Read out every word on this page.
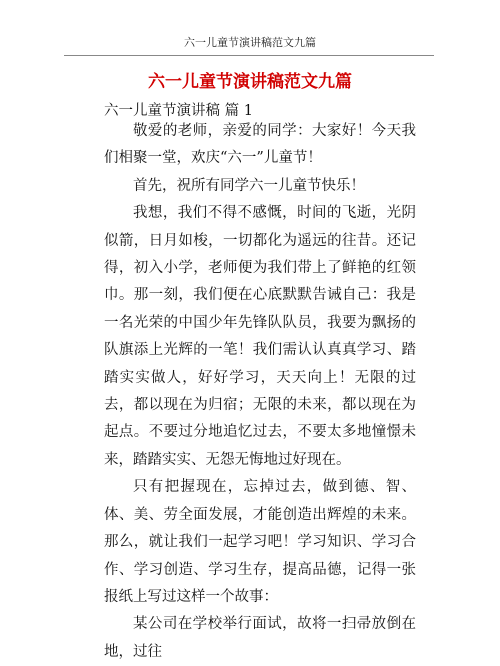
六一儿童节演讲稿范文九篇
六一儿童节演讲稿范文九篇
六一儿童节演讲稿 篇 1

敬爱的老师，亲爱的同学：大家好！今天我们相聚一堂，欢庆“六一”儿童节！

首先，祝所有同学六一儿童节快乐！

我想，我们不得不感慨，时间的飞逝，光阴似箭，日月如梭，一切都化为遥远的往昔。还记得，初入小学，老师便为我们带上了鲜艳的红领巾。那一刻，我们便在心底默默告诫自己：我是一名光荣的中国少年先锋队队员，我要为飘扬的队旗添上光辉的一笔！我们需认认真真学习、踏踏实实做人，好好学习，天天向上！无限的过去，都以现在为归宿；无限的未来，都以现在为起点。不要过分地追忆过去，不要太多地憧憬未来，踏踏实实、无怨无悔地过好现在。

只有把握现在，忘掉过去，做到德、智、体、美、劳全面发展，才能创造出辉煌的未来。那么，就让我们一起学习吧！学习知识、学习合作、学习创造、学习生存，提高品德，记得一张报纸上写过这样一个故事：

某公司在学校举行面试，故将一扫帚放倒在地，过往
